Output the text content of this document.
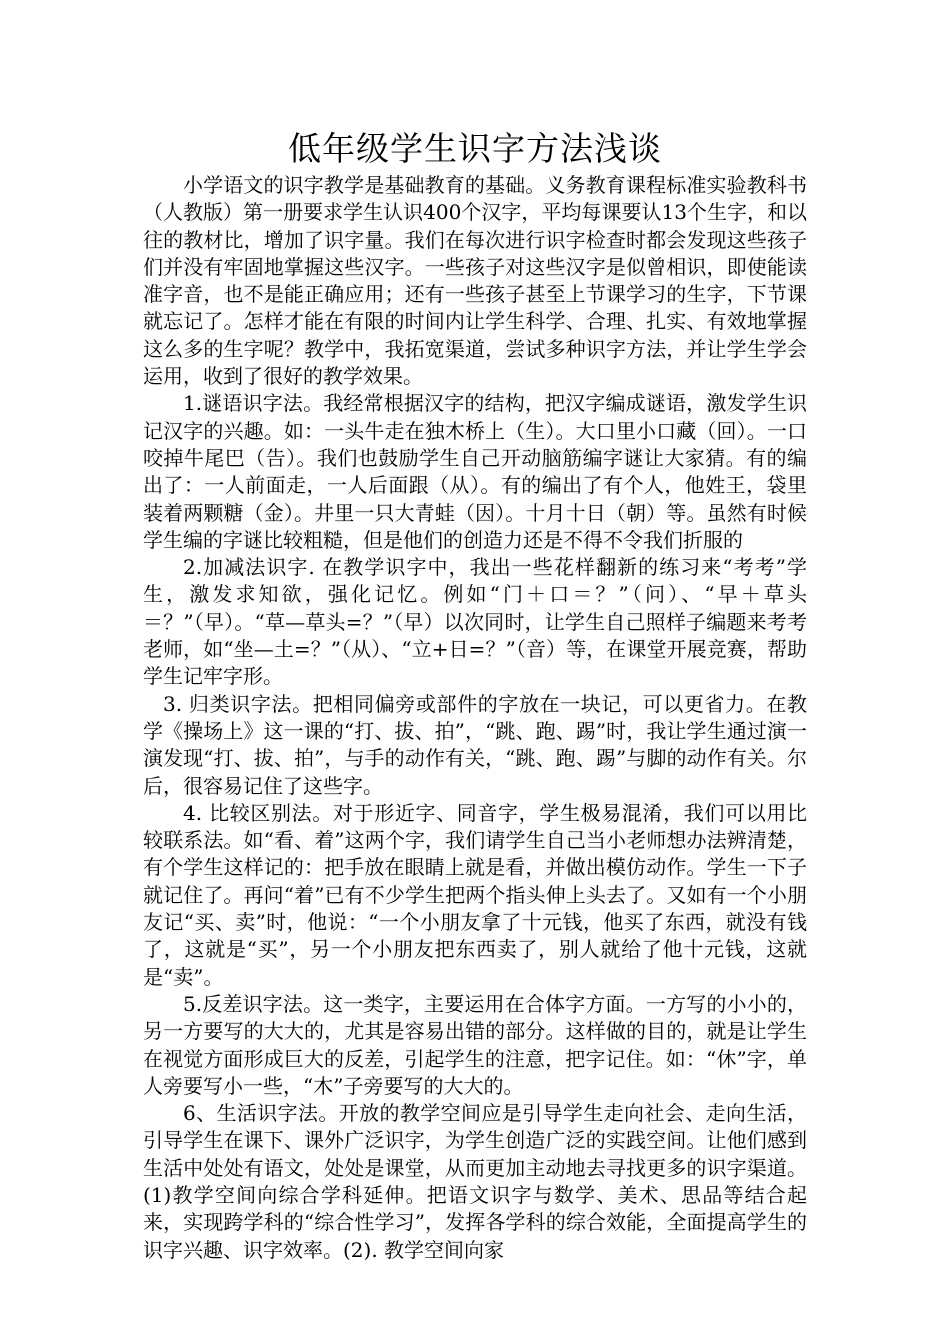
低年级学生识字方法浅谈

小学语文的识字教学是基础教育的基础。义务教育课程标准实验教科书（人教版）第一册要求学生认识400个汉字，平均每课要认13个生字，和以往的教材比，增加了识字量。我们在每次进行识字检查时都会发现这些孩子们并没有牢固地掌握这些汉字。一些孩子对这些汉字是似曾相识，即使能读准字音，也不是能正确应用；还有一些孩子甚至上节课学习的生字，下节课就忘记了。怎样才能在有限的时间内让学生科学、合理、扎实、有效地掌握这么多的生字呢？教学中，我拓宽渠道，尝试多种识字方法，并让学生学会运用，收到了很好的教学效果。

1.谜语识字法。我经常根据汉字的结构，把汉字编成谜语，激发学生识记汉字的兴趣。如：一头牛走在独木桥上（生）。大口里小口藏（回）。一口咬掉牛尾巴（告）。我们也鼓励学生自己开动脑筋编字谜让大家猜。有的编出了：一人前面走，一人后面跟（从）。有的编出了有个人，他姓王，袋里装着两颗糖（金）。井里一只大青蛙（因）。十月十日（朝）等。虽然有时候学生编的字谜比较粗糙，但是他们的创造力还是不得不令我们折服的

2.加减法识字. 在教学识字中，我出一些花样翻新的练习来“考考”学生，激发求知欲，强化记忆。例如“门＋口＝？”（问）、“早＋草头＝？”（早）。“草—草头=？”（早）以次同时，让学生自己照样子编题来考考老师，如“坐—土=？”（从）、“立+日=？”（音）等，在课堂开展竞赛，帮助学生记牢字形。

3. 归类识字法。把相同偏旁或部件的字放在一块记，可以更省力。在教学《操场上》这一课的“打、拔、拍”，“跳、跑、踢”时，我让学生通过演一演发现“打、拔、拍”，与手的动作有关，“跳、跑、踢”与脚的动作有关。尔后，很容易记住了这些字。

4. 比较区别法。对于形近字、同音字，学生极易混淆，我们可以用比较联系法。如“看、着”这两个字，我们请学生自己当小老师想办法辨清楚，有个学生这样记的：把手放在眼睛上就是看，并做出模仿动作。学生一下子就记住了。再问“着”已有不少学生把两个指头伸上头去了。又如有一个小朋友记“买、卖”时，他说：“一个小朋友拿了十元钱，他买了东西，就没有钱了，这就是“买”，另一个小朋友把东西卖了，别人就给了他十元钱，这就是“卖”。

5.反差识字法。这一类字，主要运用在合体字方面。一方写的小小的，另一方要写的大大的，尤其是容易出错的部分。这样做的目的，就是让学生在视觉方面形成巨大的反差，引起学生的注意，把字记住。如：“休”字，单人旁要写小一些，“木”子旁要写的大大的。

6、生活识字法。开放的教学空间应是引导学生走向社会、走向生活，引导学生在课下、课外广泛识字，为学生创造广泛的实践空间。让他们感到生活中处处有语文，处处是课堂，从而更加主动地去寻找更多的识字渠道。(1)教学空间向综合学科延伸。把语文识字与数学、美术、思品等结合起来，实现跨学科的“综合性学习”，发挥各学科的综合效能，全面提高学生的识字兴趣、识字效率。(2). 教学空间向家
